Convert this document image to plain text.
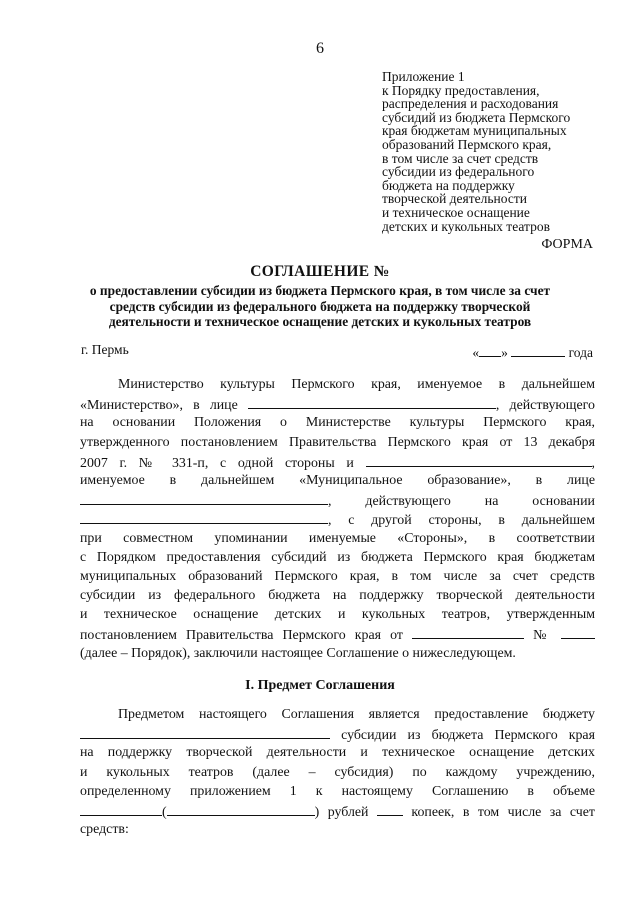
6
Приложение 1
к Порядку предоставления,
распределения и расходования
субсидий из бюджета Пермского
края бюджетам муниципальных
образований Пермского края,
в том числе за счет средств
субсидии из федерального
бюджета на поддержку
творческой деятельности
и техническое оснащение
детских и кукольных театров
ФОРМА
СОГЛАШЕНИЕ №
о предоставлении субсидии из бюджета Пермского края, в том числе за счет
средств субсидии из федерального бюджета на поддержку творческой
деятельности и техническое оснащение детских и кукольных театров
г. Пермь	« »	года
Министерство культуры Пермского края, именуемое в дальнейшем
«Министерство», в лице	, действующего
на основании Положения о Министерстве культуры Пермского края,
утвержденного постановлением Правительства Пермского края от 13 декабря
2007 г. № 331-п, с одной стороны и	,
именуемое в дальнейшем «Муниципальное образование», в лице
, действующего на основании
, с другой стороны, в дальнейшем
при совместном упоминании именуемые «Стороны», в соответствии
с Порядком предоставления субсидий из бюджета Пермского края бюджетам
муниципальных образований Пермского края, в том числе за счет средств
субсидии из федерального бюджета на поддержку творческой деятельности
и техническое оснащение детских и кукольных театров, утвержденным
постановлением Правительства Пермского края от	№
(далее – Порядок), заключили настоящее Соглашение о нижеследующем.
I. Предмет Соглашения
Предметом настоящего Соглашения является предоставление бюджету
субсидии из бюджета Пермского края
на поддержку творческой деятельности и техническое оснащение детских
и кукольных театров (далее – субсидия) по каждому учреждению,
определенному приложением 1 к настоящему Соглашению в объеме
(	) рублей	копеек, в том числе за счет
средств:
